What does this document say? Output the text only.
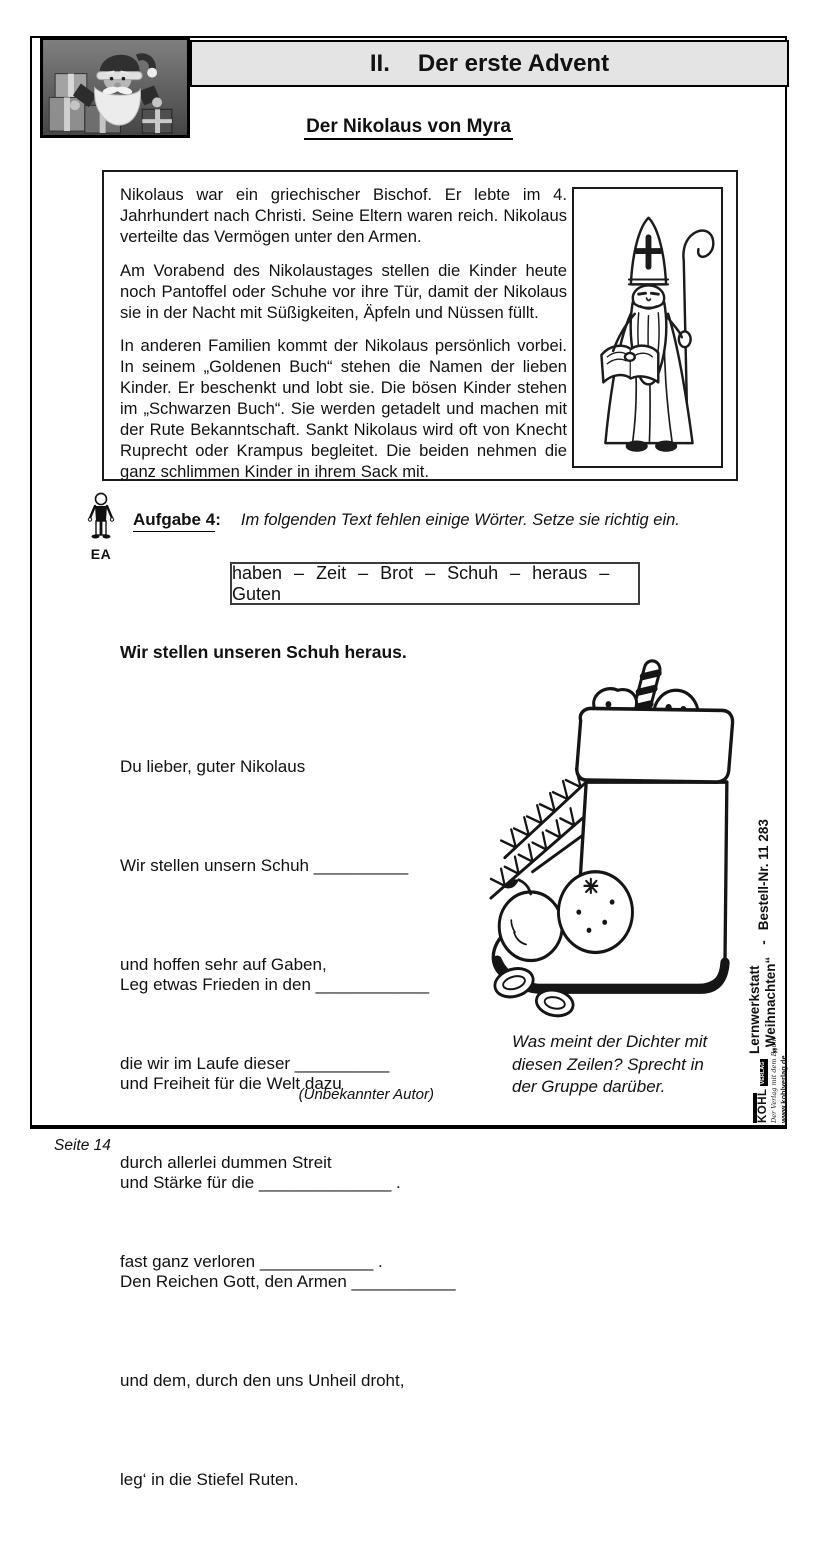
II. Der erste Advent
Der Nikolaus von Myra

Nikolaus war ein griechischer Bischof. Er lebte im 4. Jahrhundert nach Christi. Seine Eltern waren reich. Nikolaus verteilte das Vermögen unter den Armen.

Am Vorabend des Nikolaustages stellen die Kinder heute noch Pantoffel oder Schuhe vor ihre Tür, damit der Nikolaus sie in der Nacht mit Süßigkeiten, Äpfeln und Nüssen füllt.

In anderen Familien kommt der Nikolaus persönlich vorbei. In seinem „Goldenen Buch“ stehen die Namen der lieben Kinder. Er beschenkt und lobt sie. Die bösen Kinder stehen im „Schwarzen Buch“. Sie werden getadelt und machen mit der Rute Bekanntschaft. Sankt Nikolaus wird oft von Knecht Ruprecht oder Krampus begleitet. Die beiden nehmen die ganz schlimmen Kinder in ihrem Sack mit.

EA
Aufgabe 4 : Im folgenden Text fehlen einige Wörter. Setze sie richtig ein.
haben – Zeit – Brot – Schuh – heraus – Guten
Wir stellen unseren Schuh heraus.

Du lieber, guter Nikolaus

Wir stellen unsern Schuh __________

und hoffen sehr auf Gaben,

die wir im Laufe dieser __________

durch allerlei dummen Streit

fast ganz verloren ____________ .

Leg etwas Frieden in den ____________

und Freiheit für die Welt dazu

und Stärke für die ______________ .

Den Reichen Gott, den Armen ___________

und dem, durch den uns Unheil droht,

leg‘ in die Stiefel Ruten.

(Unbekannter Autor)
Was meint der Dichter mit diesen Zeilen? Sprecht in der Gruppe darüber.
Lernwerkstatt „Weihnachten“
-
Bestell-Nr. 11 283
KOHL
VERLAG Der Verlag mit dem Baum www.kohlverlag.de
Seite 14
